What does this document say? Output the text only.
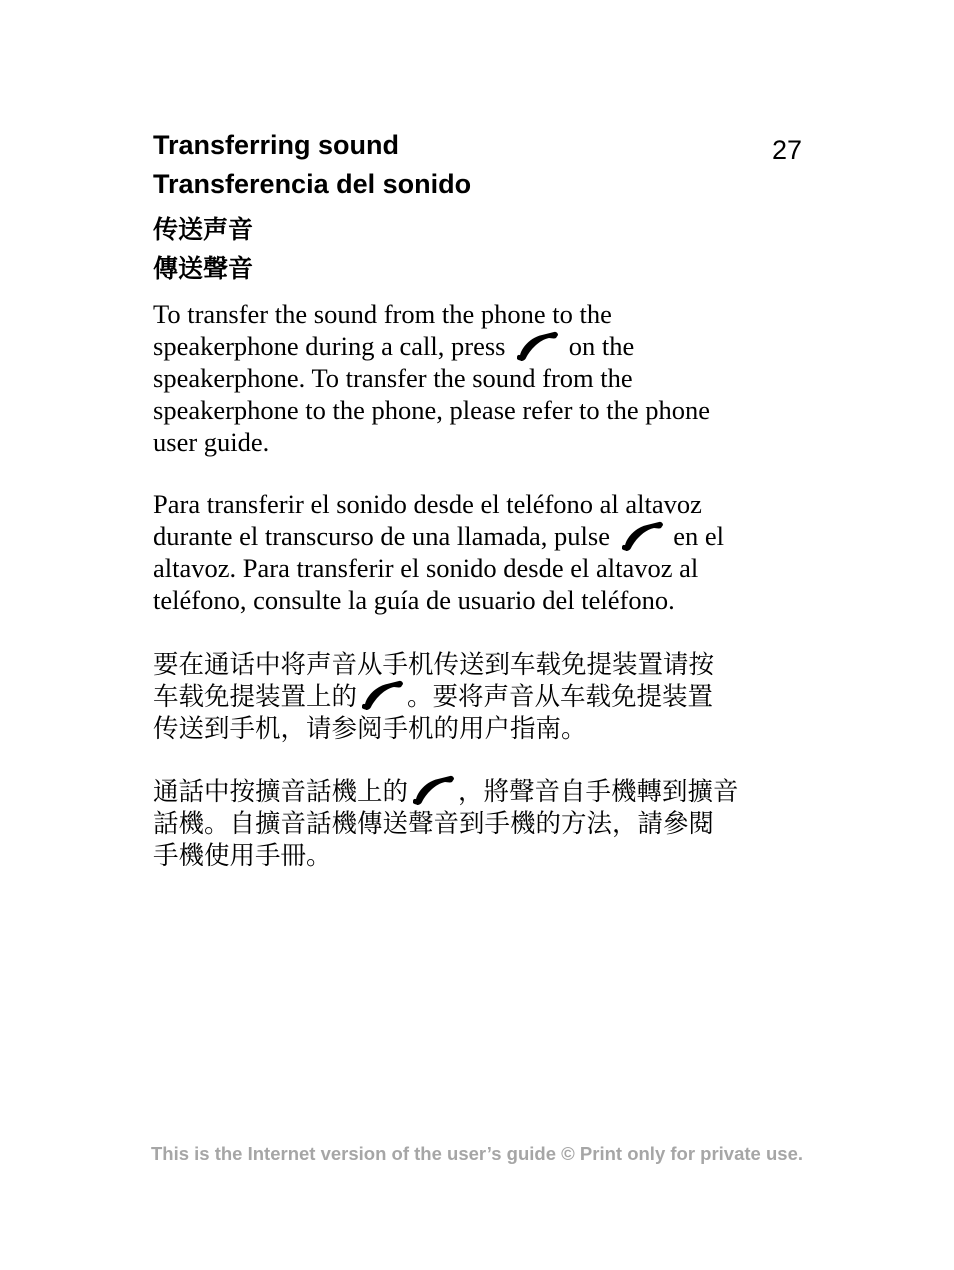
27
Transferring sound
Transferencia del sonido
传送声音
傳送聲音
To transfer the sound from the phone to the
speakerphone during a call, press
on the
speakerphone. To transfer the sound from the
speakerphone to the phone, please refer to the phone
user guide.
Para transferir el sonido desde el teléfono al altavoz
durante el transcurso de una llamada, pulse
en el
altavoz. Para transferir el sonido desde el altavoz al
teléfono, consulte la guía de usuario del teléfono.
要在通话中将声音从手机传送到车载免提装置请按
车载免提装置上的 。要将声音从车载免提装置
传送到手机，请参阅手机的用户指南。
通話中按擴音話機上的 ，將聲音自手機轉到擴音
話機。自擴音話機傳送聲音到手機的方法，請參閱
手機使用手冊。
This is the Internet version of the user’s guide © Print only for private use.
